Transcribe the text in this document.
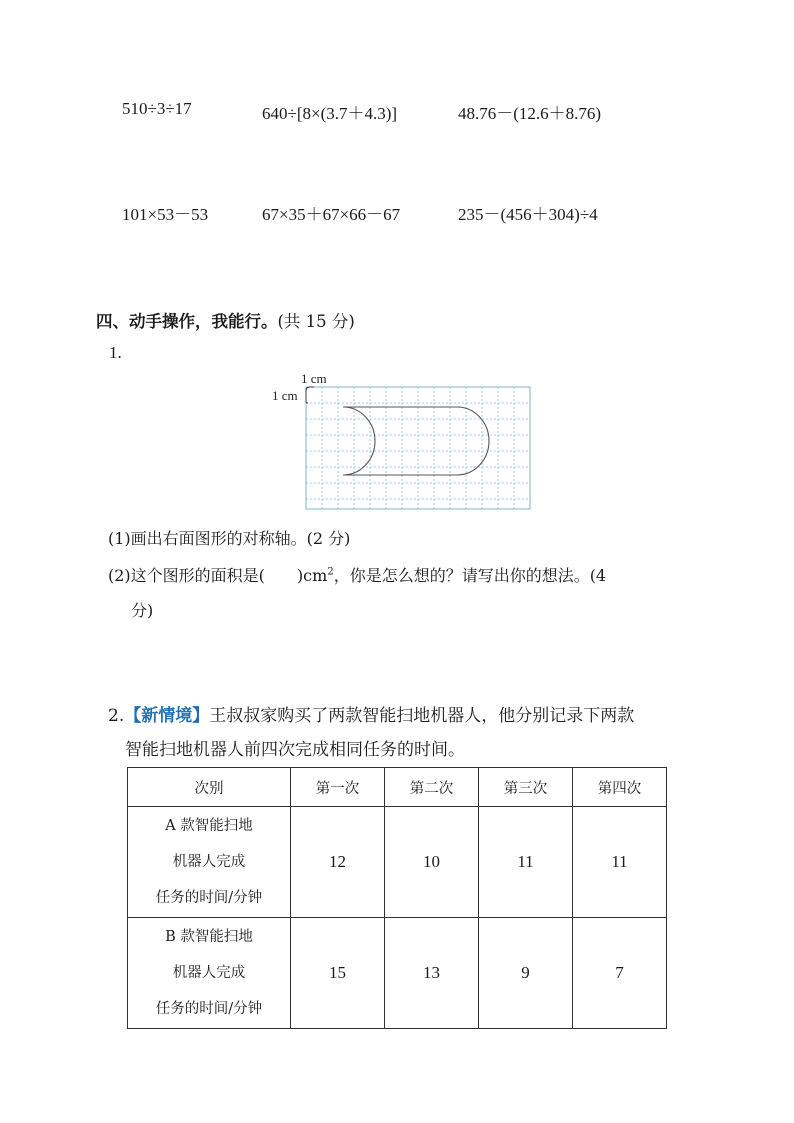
510÷3÷17	640÷[8×(3.7＋4.3)]	48.76－(12.6＋8.76)
101×53－53	67×35＋67×66－67	235－(456＋304)÷4
四、动手操作，我能行。(共 15 分)
1.
1 cm
1 cm
(1)画出右面图形的对称轴。(2 分)
(2)这个图形的面积是(　　 )$cm^2$，你是怎么想的？请写出你的想法。(4
分)
2.【新情境】王叔叔家购买了两款智能扫地机器人，他分别记录下两款
智能扫地机器人前四次完成相同任务的时间。
次别	第一次	第二次	第三次	第四次

A 款智能扫地
机器人完成
任务的时间/分钟	12	10	11	11

B 款智能扫地
机器人完成
任务的时间/分钟	15	13	9	7
